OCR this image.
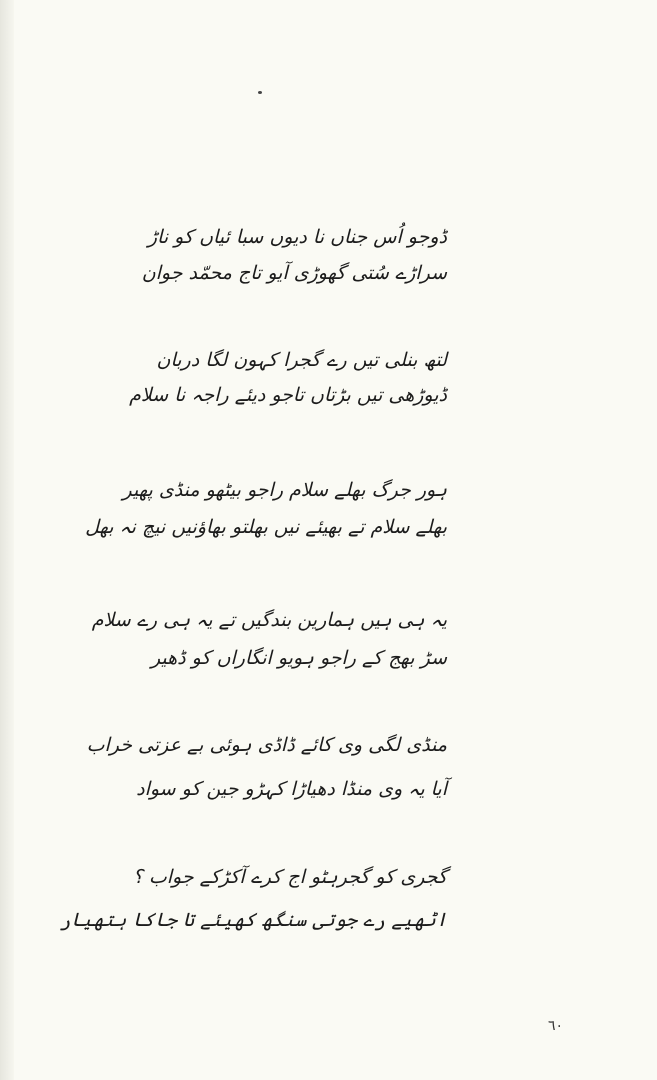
ڈوجو اُس جناں نا دیوں سبا ئیاں کو ناڑ
سراڑے سُتی گھوڑی آیو تاج محمّد جوان
لتھ بنلی تیں رے گجرا کہون لگا دربان
ڈیوڑھی تیں بڑتاں تاجو دیئے راجہ نا سلام
ہور جرگ بھلے سلام راجو بیٹھو منڈی پھیر
بھلے سلام تے بھیئے نیں بھلتو بھاؤنیں نیچ نہ بھل
یہ ہی ہیں ہمارین بندگیں تے یہ ہی رے سلام
سڑ بھج کے راجو ہویو انگاراں کو ڈھیر
منڈی لگی وی کائے ڈاڈی ہوئی بے عزتی خراب
آیا یہ وی منڈا دھیاڑا کہڑو جین کو سواد
گجری کو گجرہٹو اج کرے آکڑکے جواب ؟
اٹھیے رے جوتی سنگھ کھیئے تا جاکا ہتھیار
٦٠
